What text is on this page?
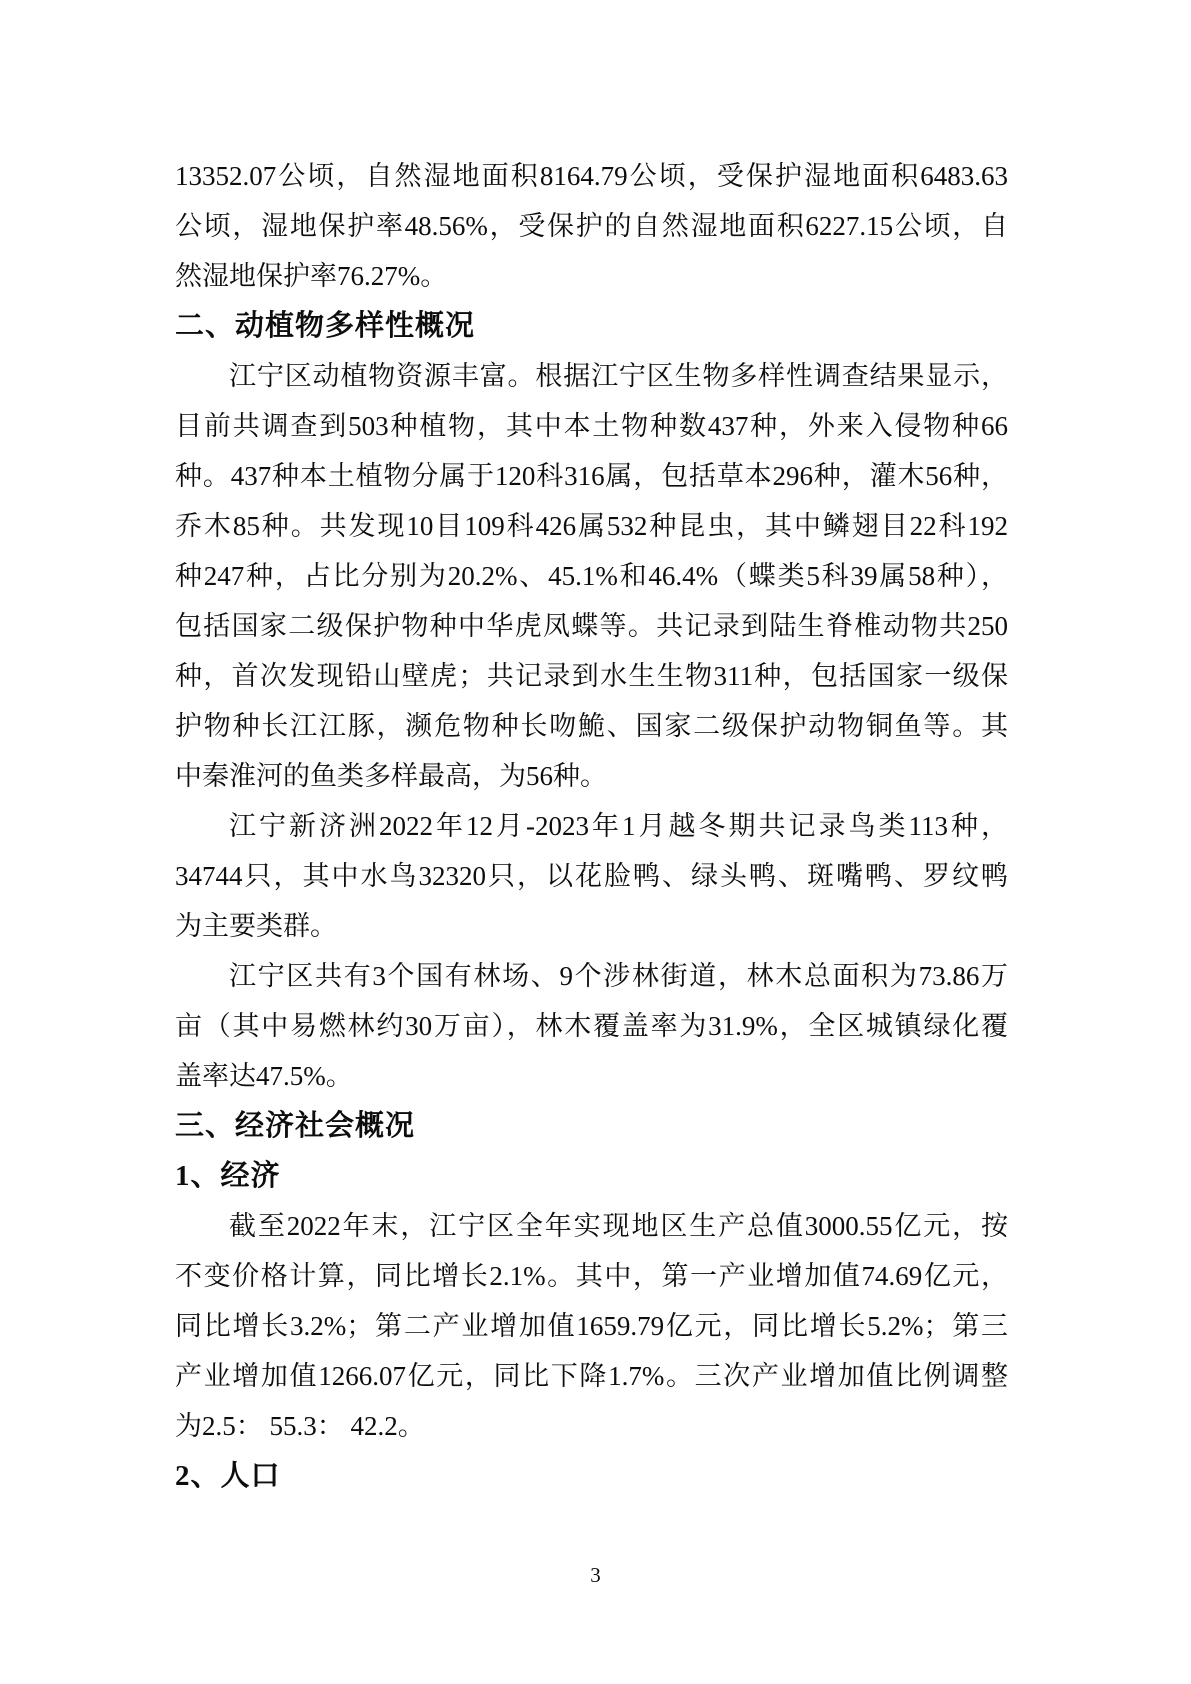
13352.07公顷，自然湿地面积8164.79公顷，受保护湿地面积6483.63
公顷，湿地保护率48.56%，受保护的自然湿地面积6227.15公顷，自
然湿地保护率76.27%。
二、动植物多样性概况
江宁区动植物资源丰富。根据江宁区生物多样性调查结果显示，
目前共调查到503种植物，其中本土物种数437种，外来入侵物种66
种。437种本土植物分属于120科316属，包括草本296种，灌木56种，
乔木85种。共发现10目109科426属532种昆虫，其中鳞翅目22科192
种247种，占比分别为20.2%、45.1%和46.4%（蝶类5科39属58种），
包括国家二级保护物种中华虎凤蝶等。共记录到陆生脊椎动物共250
种，首次发现铅山壁虎；共记录到水生生物311种，包括国家一级保
护物种长江江豚，濒危物种长吻鮠、国家二级保护动物铜鱼等。其
中秦淮河的鱼类多样最高，为56种。
江宁新济洲2022年12月-2023年1月越冬期共记录鸟类113种，
34744只，其中水鸟32320只，以花脸鸭、绿头鸭、斑嘴鸭、罗纹鸭
为主要类群。
江宁区共有3个国有林场、9个涉林街道，林木总面积为73.86万
亩（其中易燃林约30万亩），林木覆盖率为31.9%，全区城镇绿化覆
盖率达47.5%。
三、经济社会概况
1、经济
截至2022年末，江宁区全年实现地区生产总值3000.55亿元，按
不变价格计算，同比增长2.1%。其中，第一产业增加值74.69亿元，
同比增长3.2%；第二产业增加值1659.79亿元，同比增长5.2%；第三
产业增加值1266.07亿元，同比下降1.7%。三次产业增加值比例调整
为2.5： 55.3： 42.2。
2、人口
3
